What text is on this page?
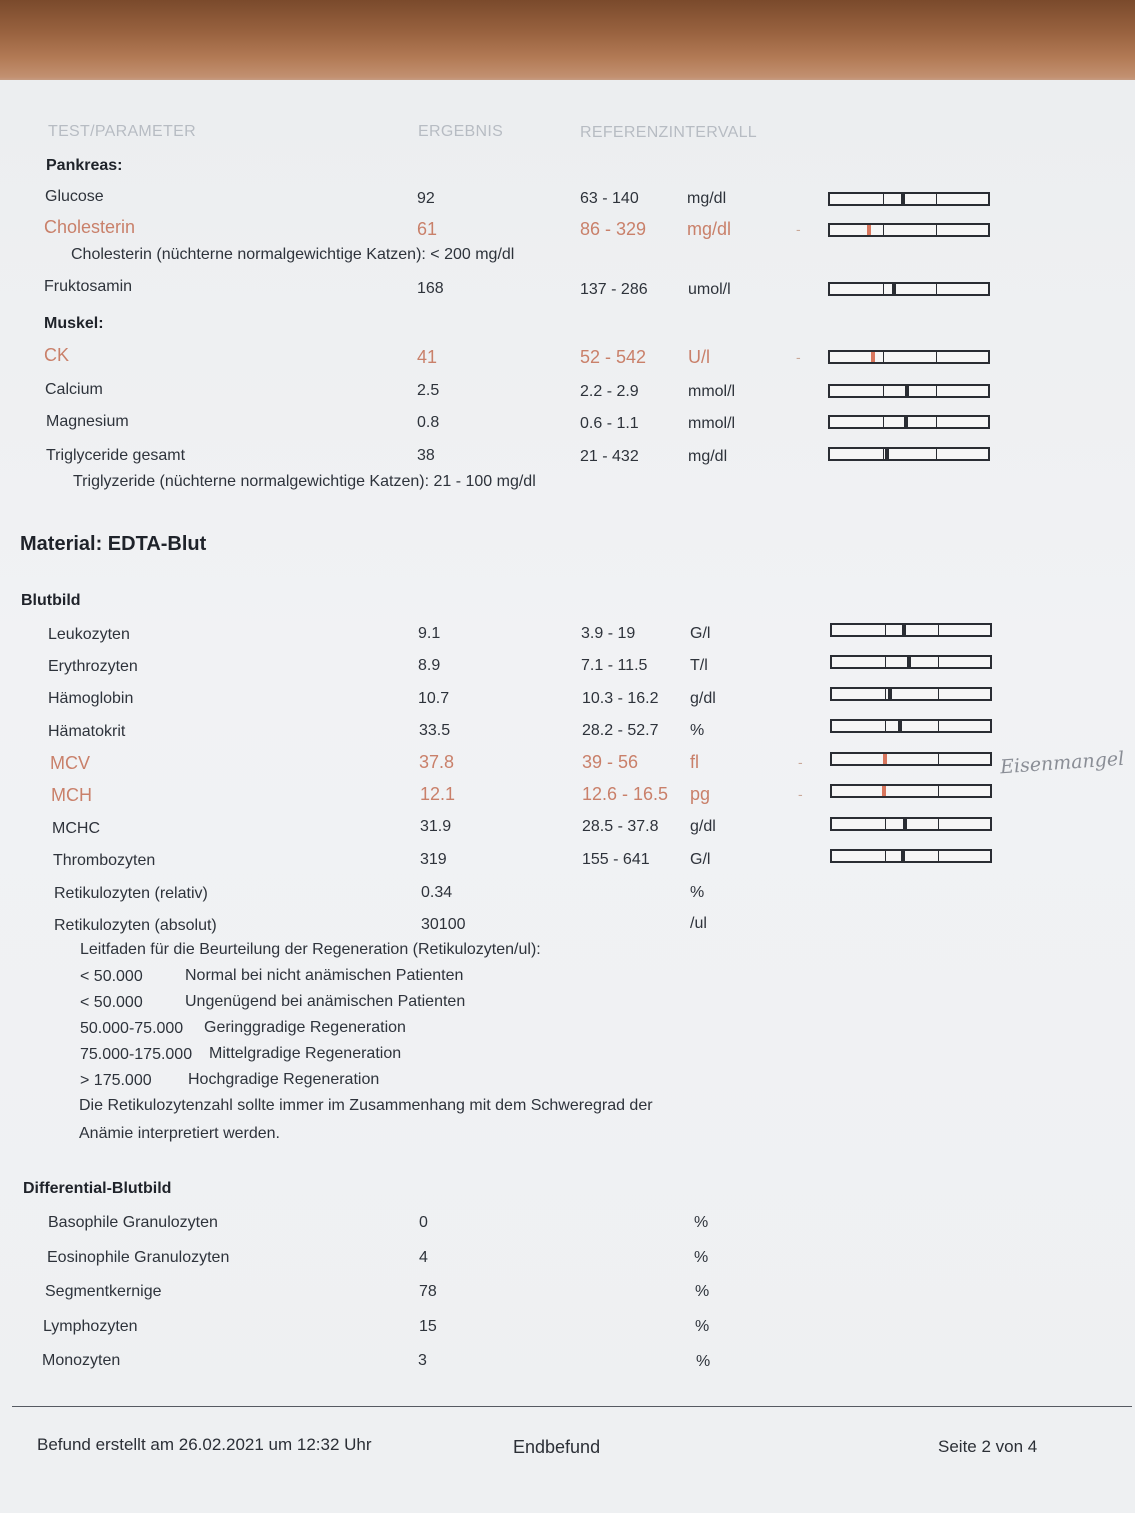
TEST/PARAMETER	ERGEBNIS	REFERENZINTERVALL
Pankreas:
Glucose	92	63 - 140	mg/dl
Cholesterin	61	86 - 329 mg/dl	-
Cholesterin (nüchterne normalgewichtige Katzen): < 200 mg/dl
Fruktosamin	168	137 - 286	umol/l
Muskel:
CK	41	52 - 542 U/l	-
Calcium	2.5	2.2 - 2.9	mmol/l
Magnesium	0.8	0.6 - 1.1	mmol/l
Triglyceride gesamt	38	21 - 432	mg/dl
Triglyzeride (nüchterne normalgewichtige Katzen): 21 - 100 mg/dl
Material: EDTA-Blut
Blutbild
Leukozyten	9.1	3.9 - 19	G/l
Erythrozyten	8.9	7.1 - 11.5	T/l
Hämoglobin	10.7	10.3 - 16.2 g/dl
Hämatokrit	33.5	28.2 - 52.7 %
MCV	37.8	39 - 56	fl	-	Eisenmangel
MCH	12.1	12.6 - 16.5 pg	-
MCHC	31.9	28.5 - 37.8 g/dl
Thrombozyten	319	155 - 641	G/l
Retikulozyten (relativ)	0.34	%
Retikulozyten (absolut)	30100	/ul
Leitfaden für die Beurteilung der Regeneration (Retikulozyten/ul):
< 50.000	Normal bei nicht anämischen Patienten
< 50.000	Ungenügend bei anämischen Patienten
50.000-75.000 Geringgradige Regeneration
75.000-175.000 Mittelgradige Regeneration
> 175.000 Hochgradige Regeneration
Die Retikulozytenzahl sollte immer im Zusammenhang mit dem Schweregrad der
Anämie interpretiert werden.
Differential-Blutbild
Basophile Granulozyten	0	%
Eosinophile Granulozyten	4	%
Segmentkernige	78	%
Lymphozyten	15	%
Monozyten	3	%
Befund erstellt am 26.02.2021 um 12:32 Uhr	Endbefund	Seite 2 von 4
